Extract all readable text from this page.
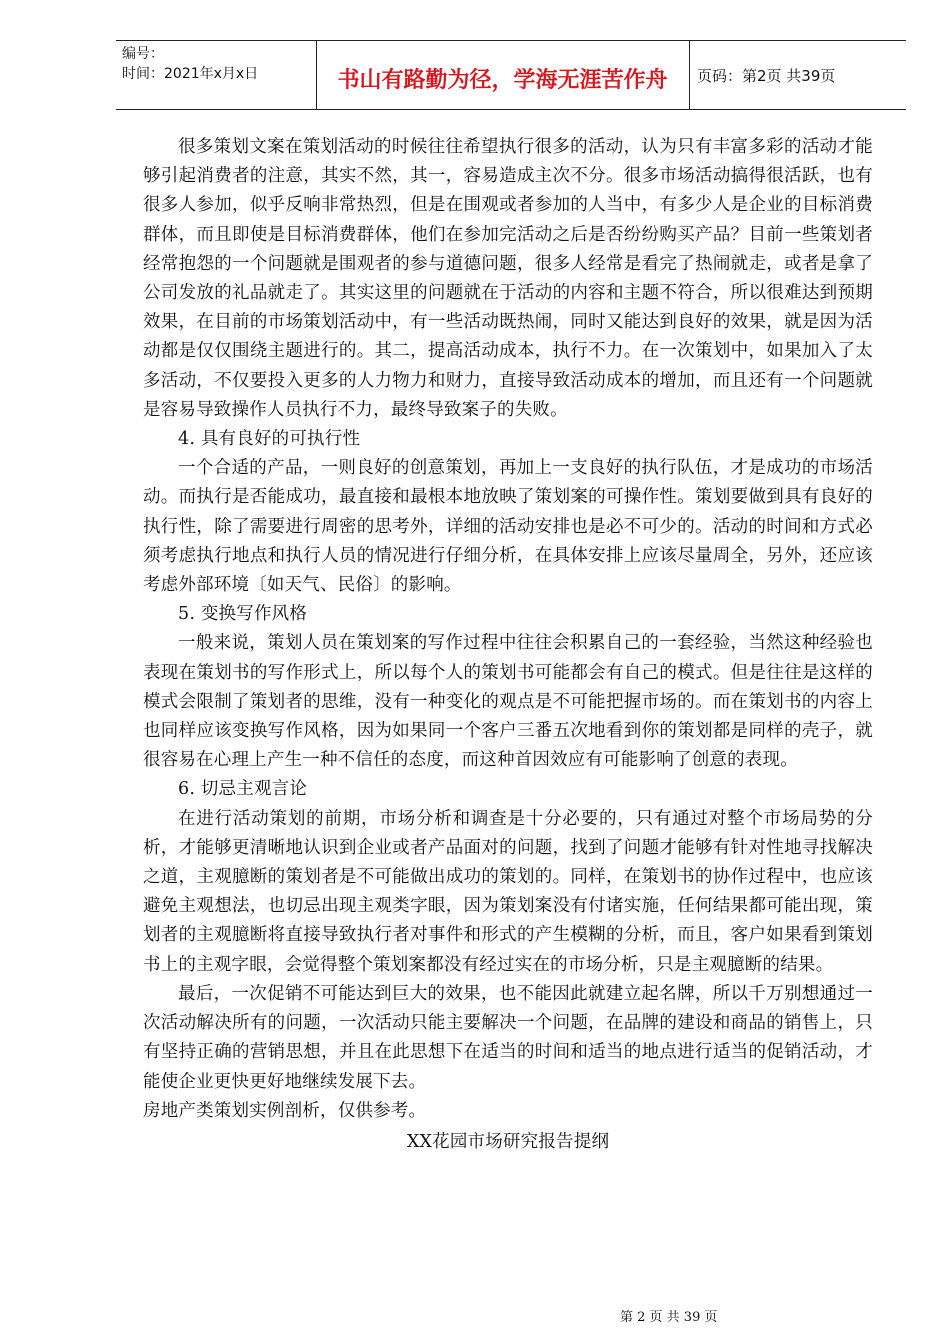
编号：
时间：2021年x月x日	书山有路勤为径，学海无涯苦作舟	页码：第2页 共39页

很多策划文案在策划活动的时候往往希望执行很多的活动，认为只有丰富多彩的活动才能够引起消费者的注意，其实不然，其一，容易造成主次不分。很多市场活动搞得很活跃，也有很多人参加，似乎反响非常热烈，但是在围观或者参加的人当中，有多少人是企业的目标消费群体，而且即使是目标消费群体，他们在参加完活动之后是否纷纷购买产品？目前一些策划者经常抱怨的一个问题就是围观者的参与道德问题，很多人经常是看完了热闹就走，或者是拿了公司发放的礼品就走了。其实这里的问题就在于活动的内容和主题不符合，所以很难达到预期效果，在目前的市场策划活动中，有一些活动既热闹，同时又能达到良好的效果，就是因为活动都是仅仅围绕主题进行的。其二，提高活动成本，执行不力。在一次策划中，如果加入了太多活动，不仅要投入更多的人力物力和财力，直接导致活动成本的增加，而且还有一个问题就是容易导致操作人员执行不力，最终导致案子的失败。

4. 具有良好的可执行性

一个合适的产品，一则良好的创意策划，再加上一支良好的执行队伍，才是成功的市场活动。而执行是否能成功，最直接和最根本地放映了策划案的可操作性。策划要做到具有良好的执行性，除了需要进行周密的思考外，详细的活动安排也是必不可少的。活动的时间和方式必须考虑执行地点和执行人员的情况进行仔细分析，在具体安排上应该尽量周全，另外，还应该考虑外部环境〔如天气、民俗〕的影响。

5. 变换写作风格

一般来说，策划人员在策划案的写作过程中往往会积累自己的一套经验，当然这种经验也表现在策划书的写作形式上，所以每个人的策划书可能都会有自己的模式。但是往往是这样的模式会限制了策划者的思维，没有一种变化的观点是不可能把握市场的。而在策划书的内容上也同样应该变换写作风格，因为如果同一个客户三番五次地看到你的策划都是同样的壳子，就很容易在心理上产生一种不信任的态度，而这种首因效应有可能影响了创意的表现。

6. 切忌主观言论

在进行活动策划的前期，市场分析和调查是十分必要的，只有通过对整个市场局势的分析，才能够更清晰地认识到企业或者产品面对的问题，找到了问题才能够有针对性地寻找解决之道，主观臆断的策划者是不可能做出成功的策划的。同样，在策划书的协作过程中，也应该避免主观想法，也切忌出现主观类字眼，因为策划案没有付诸实施，任何结果都可能出现，策划者的主观臆断将直接导致执行者对事件和形式的产生模糊的分析，而且，客户如果看到策划书上的主观字眼，会觉得整个策划案都没有经过实在的市场分析，只是主观臆断的结果。

最后，一次促销不可能达到巨大的效果，也不能因此就建立起名牌，所以千万别想通过一次活动解决所有的问题，一次活动只能主要解决一个问题，在品牌的建设和商品的销售上，只有坚持正确的营销思想，并且在此思想下在适当的时间和适当的地点进行适当的促销活动，才能使企业更快更好地继续发展下去。

房地产类策划实例剖析，仅供参考。

XX花园市场研究报告提纲

第 2 页 共 39 页
